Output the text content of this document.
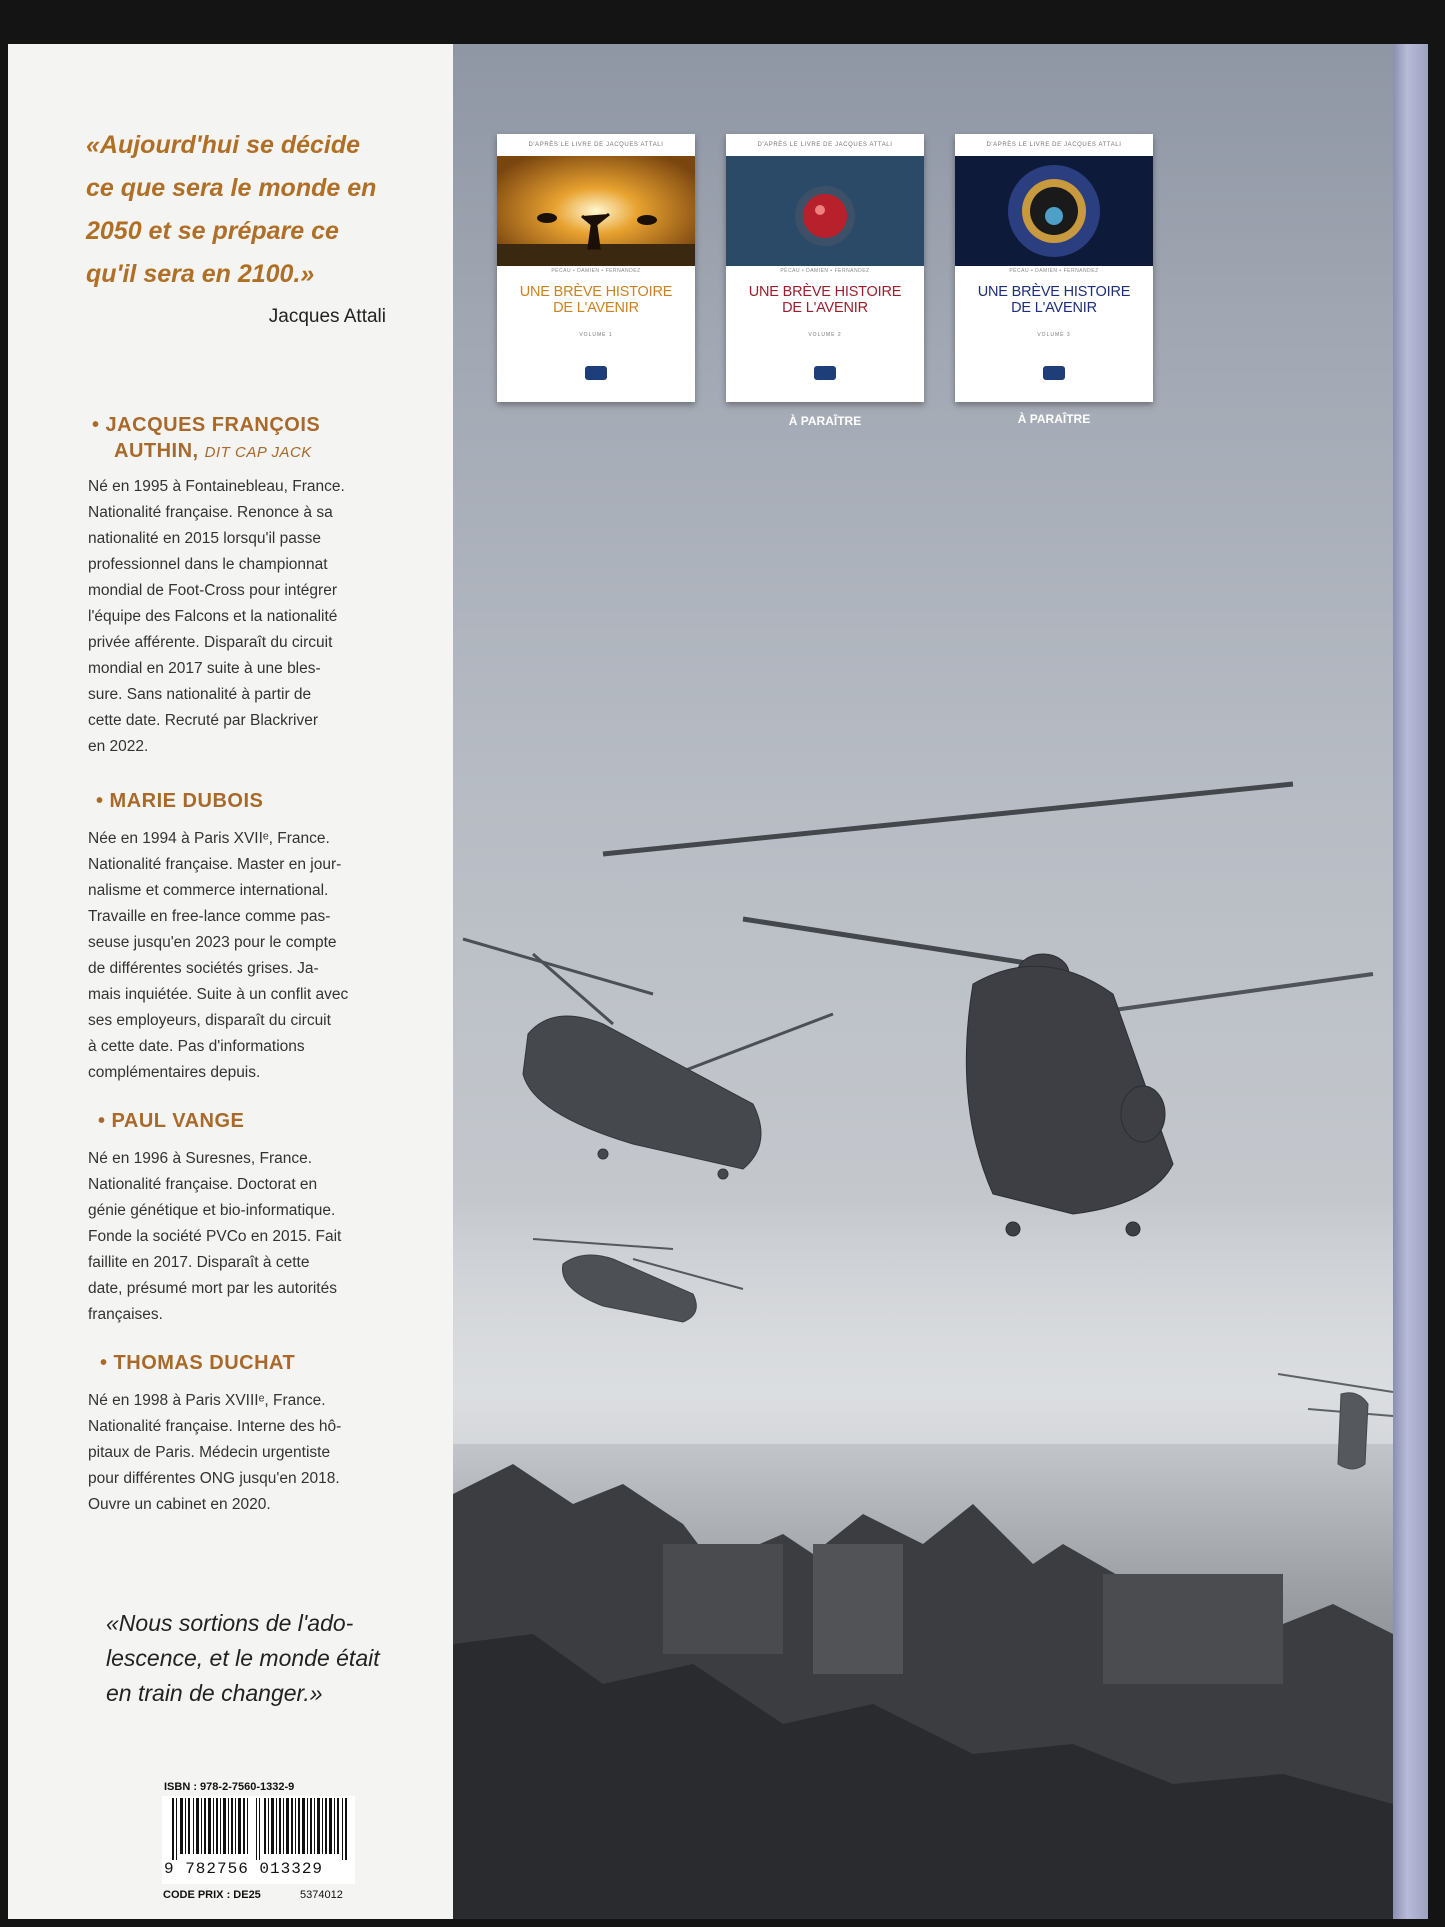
«Aujourd'hui se décide
ce que sera le monde en
2050 et se prépare ce
qu'il sera en 2100.»
Jacques Attali
• JACQUES FRANÇOIS
AUTHIN, DIT CAP JACK
Né en 1995 à Fontainebleau, France.
Nationalité française. Renonce à sa
nationalité en 2015 lorsqu'il passe
professionnel dans le championnat
mondial de Foot-Cross pour intégrer
l'équipe des Falcons et la nationalité
privée afférente. Disparaît du circuit
mondial en 2017 suite à une bles-
sure. Sans nationalité à partir de
cette date. Recruté par Blackriver
en 2022.
• MARIE DUBOIS
Née en 1994 à Paris XVIIᵉ, France.
Nationalité française. Master en jour-
nalisme et commerce international.
Travaille en free-lance comme pas-
seuse jusqu'en 2023 pour le compte
de différentes sociétés grises. Ja-
mais inquiétée. Suite à un conflit avec
ses employeurs, disparaît du circuit
à cette date. Pas d'informations
complémentaires depuis.
• PAUL VANGE
Né en 1996 à Suresnes, France.
Nationalité française. Doctorat en
génie génétique et bio-informatique.
Fonde la société PVCo en 2015. Fait
faillite en 2017. Disparaît à cette
date, présumé mort par les autorités
françaises.
• THOMAS DUCHAT
Né en 1998 à Paris XVIIIᵉ, France.
Nationalité française. Interne des hô-
pitaux de Paris. Médecin urgentiste
pour différentes ONG jusqu'en 2018.
Ouvre un cabinet en 2020.
«Nous sortions de l'ado-
lescence, et le monde était
en train de changer.»
ISBN : 978-2-7560-1332-9
9 782756 013329
CODE PRIX : DE25	5374012
D'APRÈS LE LIVRE DE JACQUES ATTALI
PÉCAU • DAMIEN • FERNANDEZ
UNE BRÈVE HISTOIRE
DE L'AVENIR
VOLUME 1
D'APRÈS LE LIVRE DE JACQUES ATTALI
PÉCAU • DAMIEN • FERNANDEZ
UNE BRÈVE HISTOIRE
DE L'AVENIR
VOLUME 2
À PARAÎTRE
D'APRÈS LE LIVRE DE JACQUES ATTALI
PÉCAU • DAMIEN • FERNANDEZ
UNE BRÈVE HISTOIRE
DE L'AVENIR
VOLUME 3
À PARAÎTRE
